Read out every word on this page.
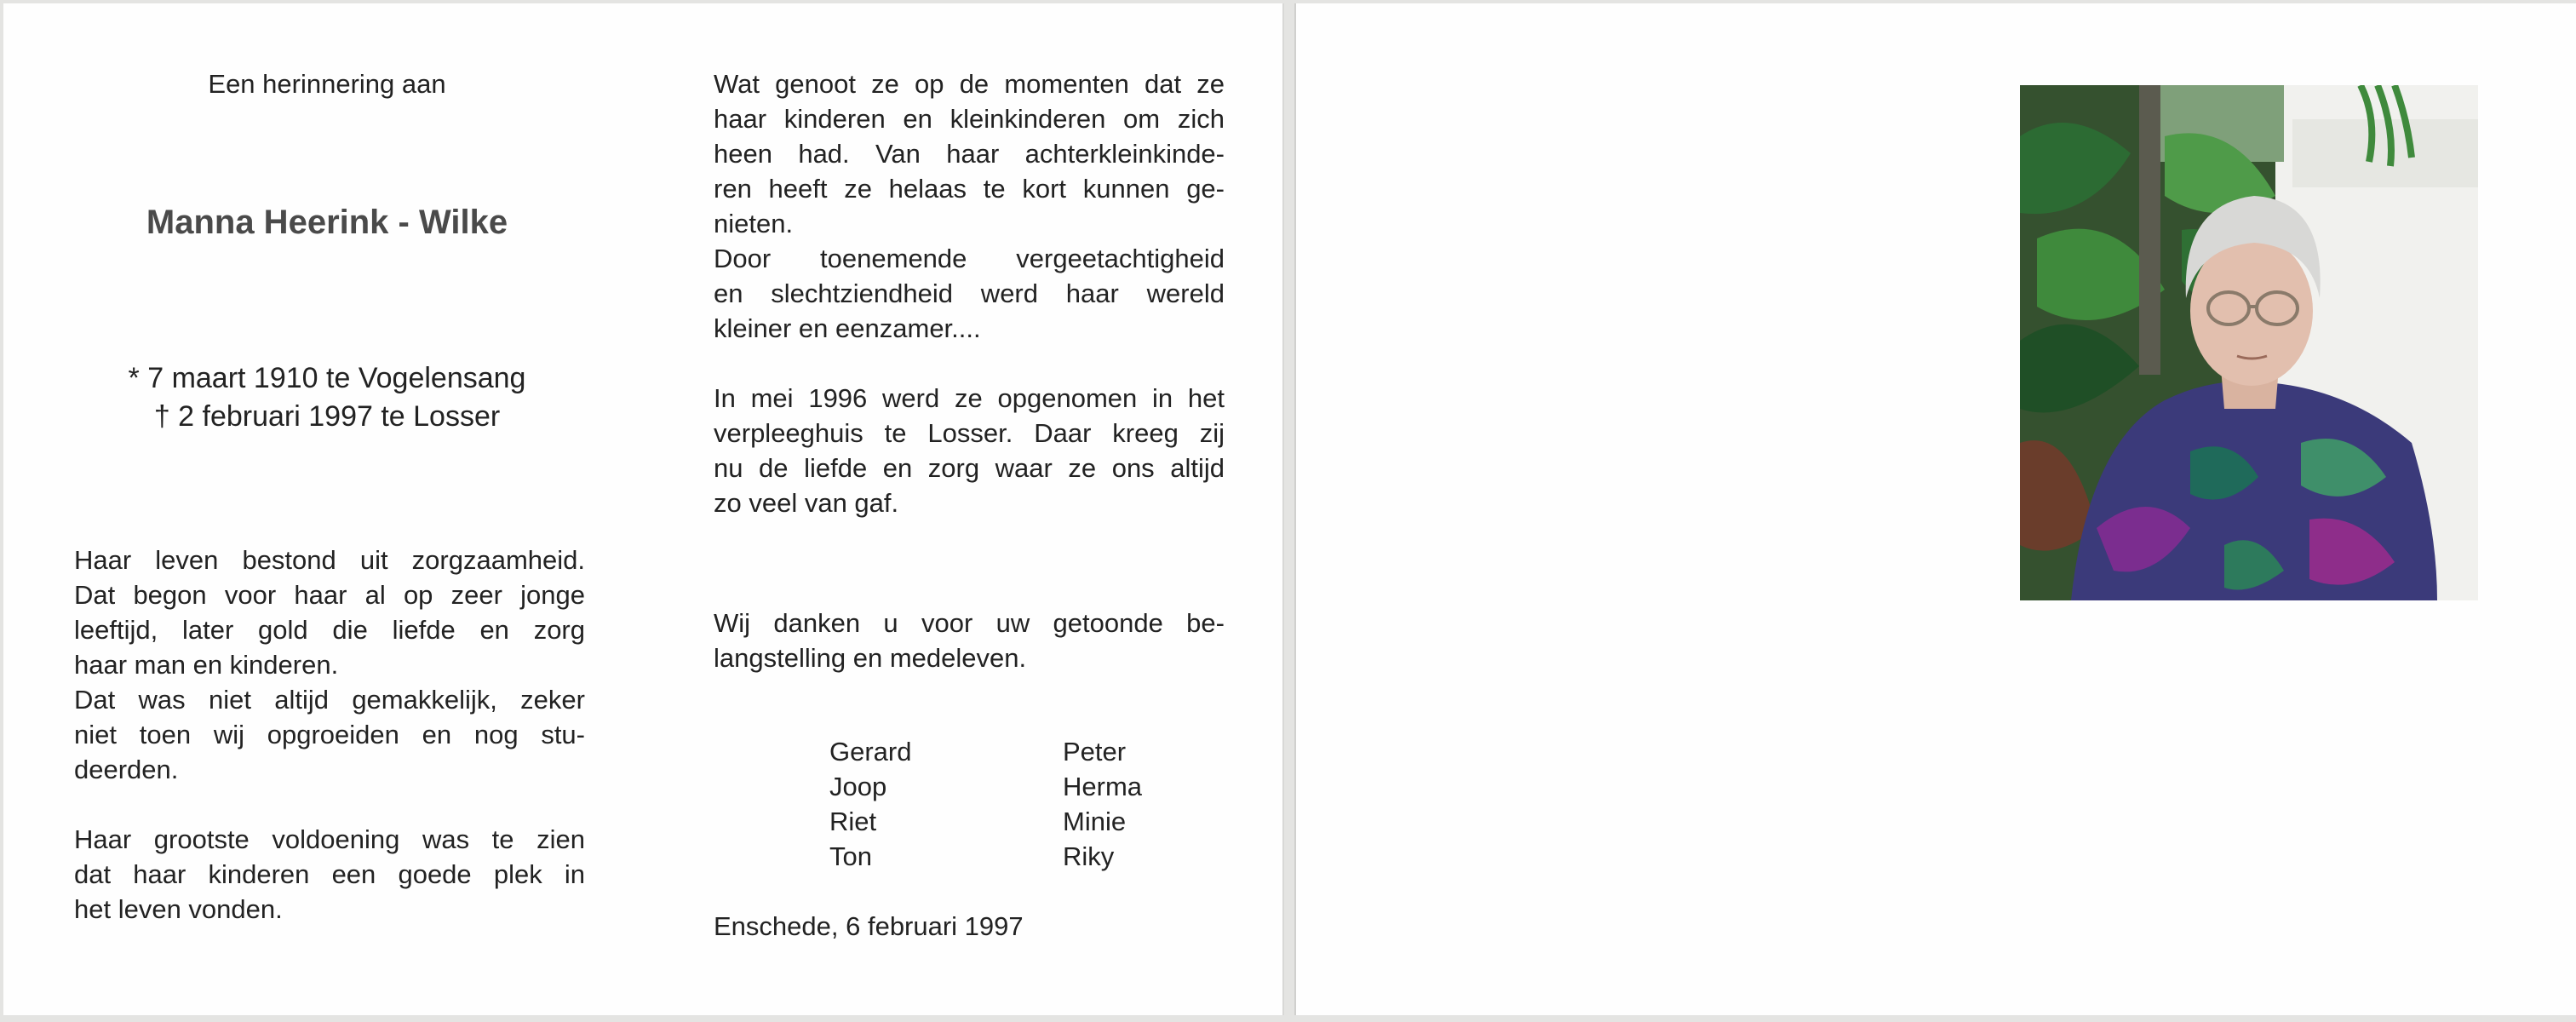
Een herinnering aan

Manna Heerink - Wilke

* 7 maart 1910 te Vogelensang
† 2 februari 1997 te Losser
Haar leven bestond uit zorgzaamheid.
Dat begon voor haar al op zeer jonge
leeftijd, later gold die liefde en zorg
haar man en kinderen.
Dat was niet altijd gemakkelijk, zeker
niet toen wij opgroeiden en nog stu-
deerden.
Haar grootste voldoening was te zien
dat haar kinderen een goede plek in
het leven vonden.
Wat genoot ze op de momenten dat ze
haar kinderen en kleinkinderen om zich
heen had. Van haar achterkleinkinde-
ren heeft ze helaas te kort kunnen ge-
nieten.
Door toenemende vergeetachtigheid
en slechtziendheid werd haar wereld
kleiner en eenzamer....
In mei 1996 werd ze opgenomen in het
verpleeghuis te Losser. Daar kreeg zij
nu de liefde en zorg waar ze ons altijd
zo veel van gaf.
Wij danken u voor uw getoonde be-
langstelling en medeleven.
Gerard	Peter
Joop	Herma
Riet	Minie
Ton	Riky

Enschede, 6 februari 1997
